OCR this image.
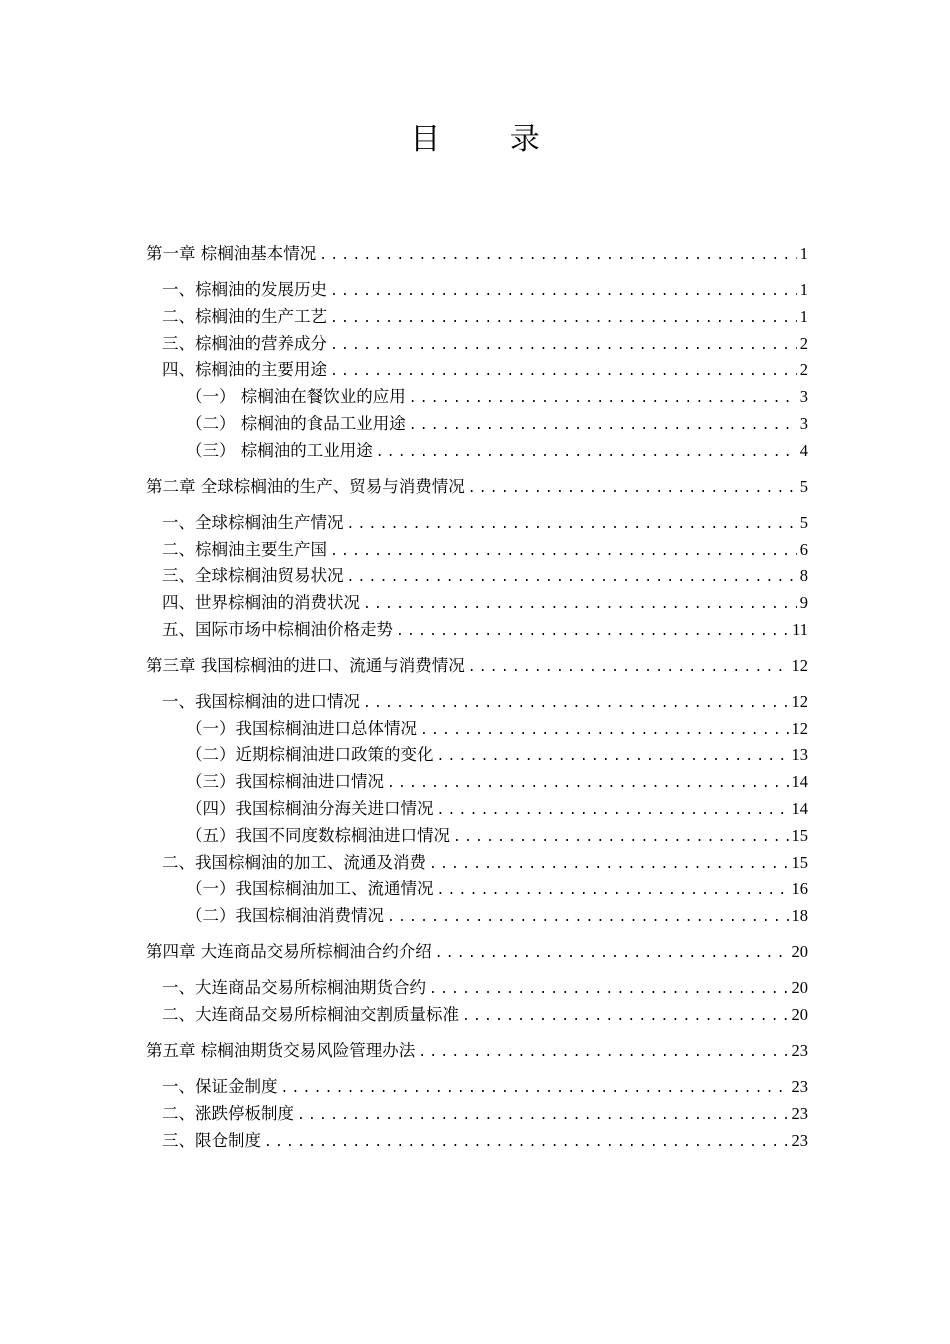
目 录
第一章 棕榈油基本情况 .....	1
一、棕榈油的发展历史 .....	1
二、棕榈油的生产工艺 .....	1
三、棕榈油的营养成分 .....	2
四、棕榈油的主要用途 .....	2
（一） 棕榈油在餐饮业的应用 .....	3
（二） 棕榈油的食品工业用途 .....	3
（三） 棕榈油的工业用途 .....	4
第二章 全球棕榈油的生产、贸易与消费情况 .....	5
一、全球棕榈油生产情况 .....	5
二、棕榈油主要生产国 .....	6
三、全球棕榈油贸易状况 .....	8
四、世界棕榈油的消费状况 .....	9
五、国际市场中棕榈油价格走势 .....	11
第三章 我国棕榈油的进口、流通与消费情况 .....	12
一、我国棕榈油的进口情况 .....	12
（一）我国棕榈油进口总体情况 .....	12
（二）近期棕榈油进口政策的变化 .....	13
（三）我国棕榈油进口情况 .....	14
（四）我国棕榈油分海关进口情况 .....	14
（五）我国不同度数棕榈油进口情况 .....	15
二、我国棕榈油的加工、流通及消费 .....	15
（一）我国棕榈油加工、流通情况 .....	16
（二）我国棕榈油消费情况 .....	18
第四章 大连商品交易所棕榈油合约介绍 .....	20
一、大连商品交易所棕榈油期货合约 .....	20
二、大连商品交易所棕榈油交割质量标准 .....	20
第五章 棕榈油期货交易风险管理办法 .....	23
一、保证金制度 .....	23
二、涨跌停板制度 .....	23
三、限仓制度 .....	23
